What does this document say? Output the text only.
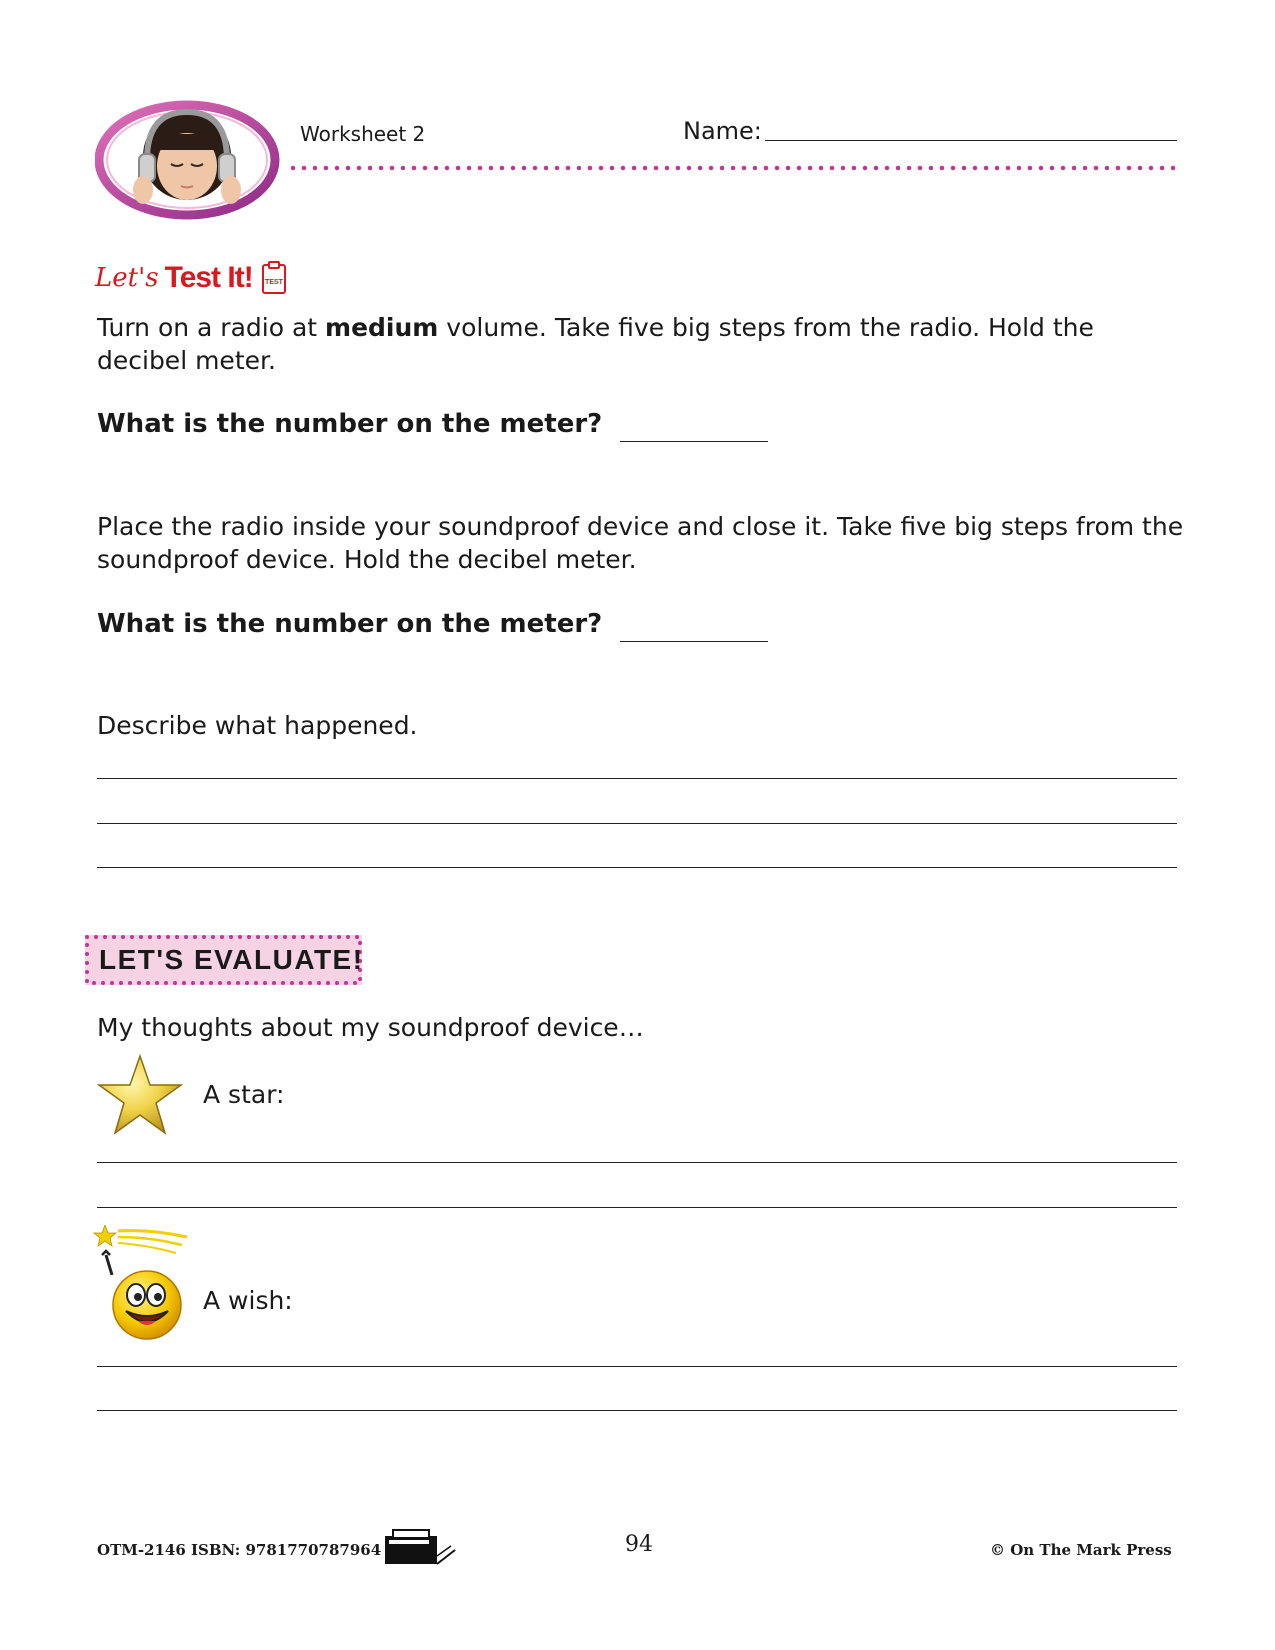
Worksheet 2	Name:
Let's Test It! TEST
Turn on a radio at medium volume. Take five big steps from the radio. Hold the decibel meter.
What is the number on the meter?
Place the radio inside your soundproof device and close it. Take five big steps from the soundproof device. Hold the decibel meter.
What is the number on the meter?
Describe what happened.
LET'S EVALUATE!
My thoughts about my soundproof device…
A star:
A wish:
OTM-2146 ISBN: 9781770787964	94	© On The Mark Press
